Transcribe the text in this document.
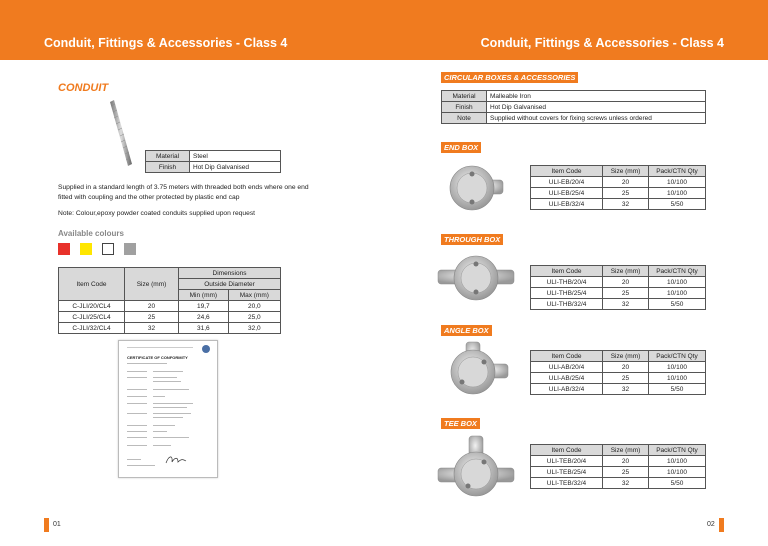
Conduit, Fittings & Accessories - Class 4	Conduit, Fittings & Accessories - Class 4
CONDUIT
Material	Steel
Finish	Hot Dip Galvanised
Supplied in a standard length of 3.75 meters with threaded both ends where one end
fitted with coupling and the other protected by plastic end cap
Note: Colour,epoxy powder coated conduits supplied upon request
Available colours
Item Code	Size (mm)	Dimensions	
		Outside Diameter	
		Min (mm)	Max (mm)
C-JLI/20/CL4	20	19,7	20,0
C-JLI/25/CL4	25	24,6	25,0
C-JLI/32/CL4	32	31,6	32,0
CERTIFICATE OF CONFORMITY
01
CIRCULAR BOXES & ACCESSORIES
Material	Malleable Iron
Finish	Hot Dip Galvanised
Note	Supplied without covers for fixing screws unless ordered
END BOX
Item Code	Size (mm)	Pack/CTN Qty
ULI-EB/20/4	20	10/100
ULI-EB/25/4	25	10/100
ULI-EB/32/4	32	5/50
THROUGH BOX
Item Code	Size (mm)	Pack/CTN Qty
ULI-THB/20/4	20	10/100
ULI-THB/25/4	25	10/100
ULI-THB/32/4	32	5/50
ANGLE BOX
Item Code	Size (mm)	Pack/CTN Qty
ULI-AB/20/4	20	10/100
ULI-AB/25/4	25	10/100
ULI-AB/32/4	32	5/50
TEE BOX
Item Code	Size (mm)	Pack/CTN Qty
ULI-TEB/20/4	20	10/100
ULI-TEB/25/4	25	10/100
ULI-TEB/32/4	32	5/50
02
